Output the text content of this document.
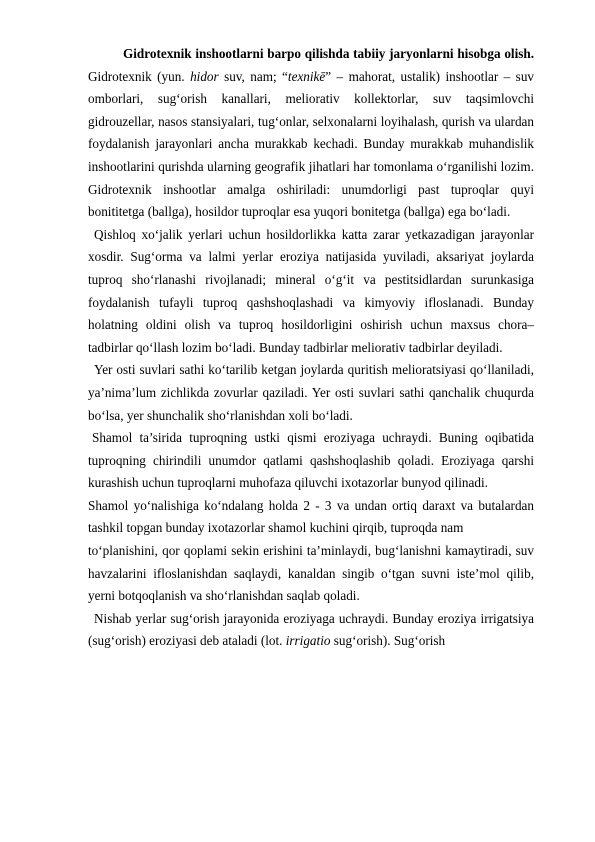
Gidrotexnik inshootlarni barpo qilishda tabiiy jaryonlarni hisobga olish. Gidrotexnik (yun. hidor suv, nam; “texnikē” – mahorat, ustalik) inshootlar – suv omborlari, sug‘orish kanallari, meliorativ kollektorlar, suv taqsimlovchi gidrouzellar, nasos stansiyalari, tug‘onlar, selxonalarni loyihalash, qurish va ulardan foydalanish jarayonlari ancha murakkab kechadi. Bunday murakkab muhandislik inshootlarini qurishda ularning geografik jihatlari har tomonlama o‘rganilishi lozim. Gidrotexnik inshootlar amalga oshiriladi: unumdorligi past tuproqlar quyi bonititetga (ballga), hosildor tuproqlar esa yuqori bonitetga (ballga) ega bo‘ladi.

Qishloq xo‘jalik yerlari uchun hosildorlikka katta zarar yetkazadigan jarayonlar xosdir. Sug‘orma va lalmi yerlar eroziya natijasida yuviladi, aksariyat joylarda tuproq sho‘rlanashi rivojlanadi; mineral o‘g‘it va pestitsidlardan surunkasiga foydalanish tufayli tuproq qashshoqlashadi va kimyoviy ifloslanadi. Bunday holatning oldini olish va tuproq hosildorligini oshirish uchun maxsus chora–tadbirlar qo‘llash lozim bo‘ladi. Bunday tadbirlar meliorativ tadbirlar deyiladi.

Yer osti suvlari sathi ko‘tarilib ketgan joylarda quritish melioratsiyasi qo‘llaniladi, ya’nima’lum zichlikda zovurlar qaziladi. Yer osti suvlari sathi qanchalik chuqurda bo‘lsa, yer shunchalik sho‘rlanishdan xoli bo‘ladi.

Shamol ta’sirida tuproqning ustki qismi eroziyaga uchraydi. Buning oqibatida tuproqning chirindili unumdor qatlami qashshoqlashib qoladi. Eroziyaga qarshi kurashish uchun tuproqlarni muhofaza qiluvchi ixotazorlar bunyod qilinadi.

Shamol yo‘nalishiga ko‘ndalang holda 2 - 3 va undan ortiq daraxt va butalardan tashkil topgan bunday ixotazorlar shamol kuchini qirqib, tuproqda nam

to‘planishini, qor qoplami sekin erishini ta’minlaydi, bug‘lanishni kamaytiradi, suv havzalarini ifloslanishdan saqlaydi, kanaldan singib o‘tgan suvni iste’mol qilib, yerni botqoqlanish va sho‘rlanishdan saqlab qoladi.

Nishab yerlar sug‘orish jarayonida eroziyaga uchraydi. Bunday eroziya irrigatsiya (sug‘orish) eroziyasi deb ataladi (lot. irrigatio sug‘orish). Sug‘orish
